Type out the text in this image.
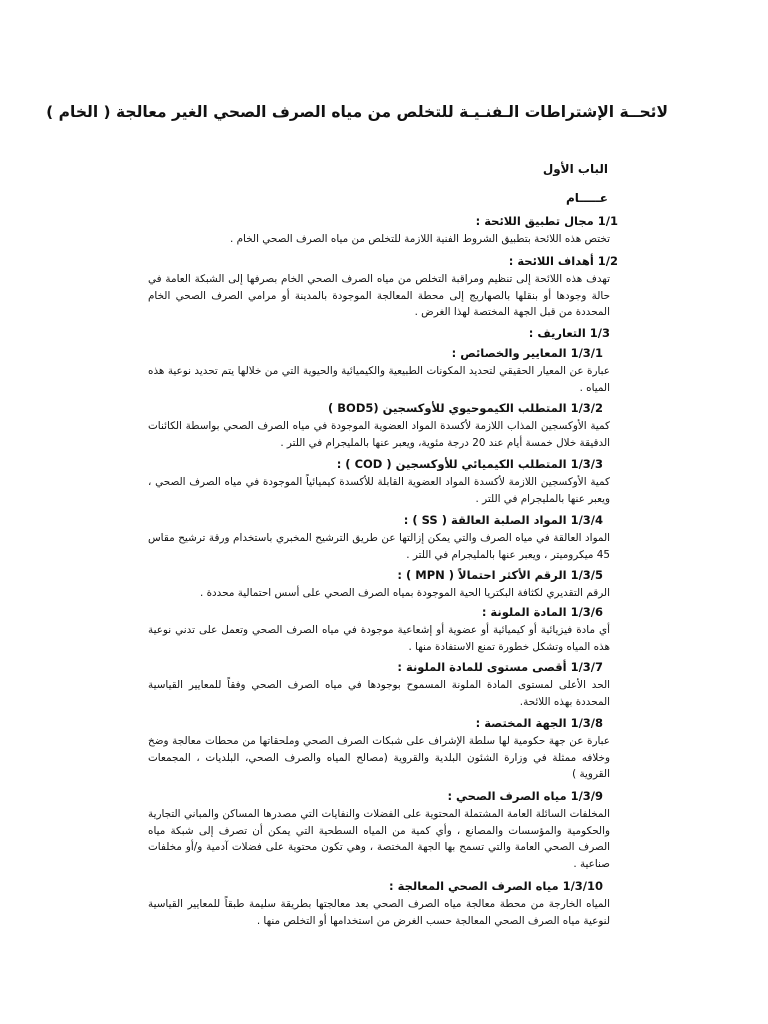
لائحــة الإشتراطات الـفنـيـة للتخلص من مياه الصرف الصحي الغير معالجة ( الخام )
الباب الأول
عـــــام
1/1 مجال تطبيق اللائحة :
تختص هذه اللائحة بتطبيق الشروط الفنية اللازمة للتخلص من مياه الصرف الصحي الخام .
1/2 أهداف اللائحة :
تهدف هذه اللائحة إلى تنظيم ومراقبة التخلص من مياه الصرف الصحي الخام بصرفها إلى الشبكة العامة في حالة وجودها أو بنقلها بالصهاريج إلى محطة المعالجة الموجودة بالمدينة أو مرامي الصرف الصحي الخام المحددة من قبل الجهة المختصة لهذا الغرض .
1/3 التعاريف :
1/3/1 المعايير والخصائص :
عبارة عن المعيار الحقيقي لتحديد المكونات الطبيعية والكيميائية والحيوية التي من خلالها يتم تحديد نوعية هذه المياه .
1/3/2 المتطلب الكيموحيوي للأوكسجين (BOD5 )
كمية الأوكسجين المذاب اللازمة لأكسدة المواد العضوية الموجودة في مياه الصرف الصحي بواسطة الكائنات الدقيقة خلال خمسة أيام عند 20 درجة مئوية، ويعبر عنها بالمليجرام في اللتر .
1/3/3 المتطلب الكيميائي للأوكسجين ( COD ) :
كمية الأوكسجين اللازمة لأكسدة المواد العضوية القابلة للأكسدة كيميائياً الموجودة في مياه الصرف الصحي ، ويعبر عنها بالمليجرام في اللتر .
1/3/4 المواد الصلبة العالقة ( SS ) :
المواد العالقة في مياه الصرف والتي يمكن إزالتها عن طريق الترشيح المخبري باستخدام ورقة ترشيح مقاس 45 ميكروميتر ، ويعبر عنها بالمليجرام في اللتر .
1/3/5 الرقم الأكثر احتمالاً ( MPN ) :
الرقم التقديري لكثافة البكتريا الحية الموجودة بمياه الصرف الصحي على أسس احتمالية محددة .
1/3/6 المادة الملونة :
أي مادة فيزيائية أو كيميائية أو عضوية أو إشعاعية موجودة في مياه الصرف الصحي وتعمل على تدني نوعية هذه المياه وتشكل خطورة تمنع الاستفادة منها .
1/3/7 أقصى مستوى للمادة الملونة :
الحد الأعلى لمستوى المادة الملونة المسموح بوجودها في مياه الصرف الصحي وفقاً للمعايير القياسية المحددة بهذه اللائحة.
1/3/8 الجهة المختصة :
عبارة عن جهة حكومية لها سلطة الإشراف على شبكات الصرف الصحي وملحقاتها من محطات معالجة وضخ وخلافه ممثلة في وزارة الشئون البلدية والقروية (مصالح المياه والصرف الصحي، البلديات ، المجمعات القروية )
1/3/9 مياه الصرف الصحي :
المخلفات السائلة العامة المشتملة المحتوية على الفضلات والنفايات التي مصدرها المساكن والمباني التجارية والحكومية والمؤسسات والمصانع ، وأي كمية من المياه السطحية التي يمكن أن تصرف إلى شبكة مياه الصرف الصحي العامة والتي تسمح بها الجهة المختصة ، وهي تكون محتوية على فضلات آدمية و/أو مخلفات صناعية .
1/3/10 مياه الصرف الصحي المعالجة :
المياه الخارجة من محطة معالجة مياه الصرف الصحي بعد معالجتها بطريقة سليمة طبقاً للمعايير القياسية لنوعية مياه الصرف الصحي المعالجة حسب الغرض من استخدامها أو التخلص منها .
